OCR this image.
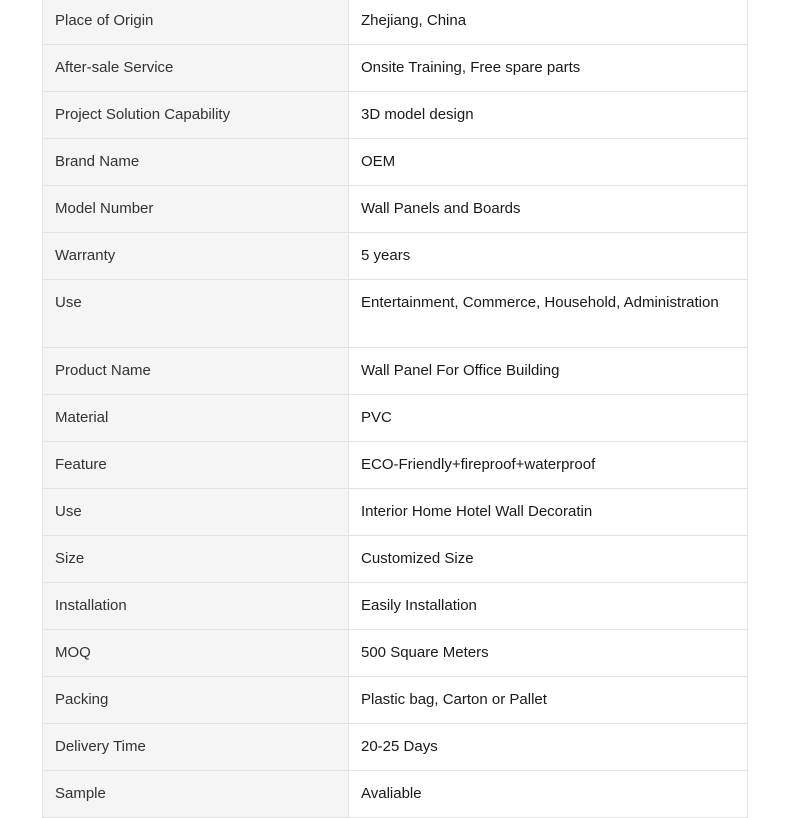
Place of Origin	Zhejiang, China
After-sale Service	Onsite Training, Free spare parts
Project Solution Capability	3D model design
Brand Name	OEM
Model Number	Wall Panels and Boards
Warranty	5 years
Use	Entertainment, Commerce, Household, Administration
Product Name	Wall Panel For Office Building
Material	PVC
Feature	ECO-Friendly+fireproof+waterproof
Use	Interior Home Hotel Wall Decoratin
Size	Customized Size
Installation	Easily Installation
MOQ	500 Square Meters
Packing	Plastic bag, Carton or Pallet
Delivery Time	20-25 Days
Sample	Avaliable
